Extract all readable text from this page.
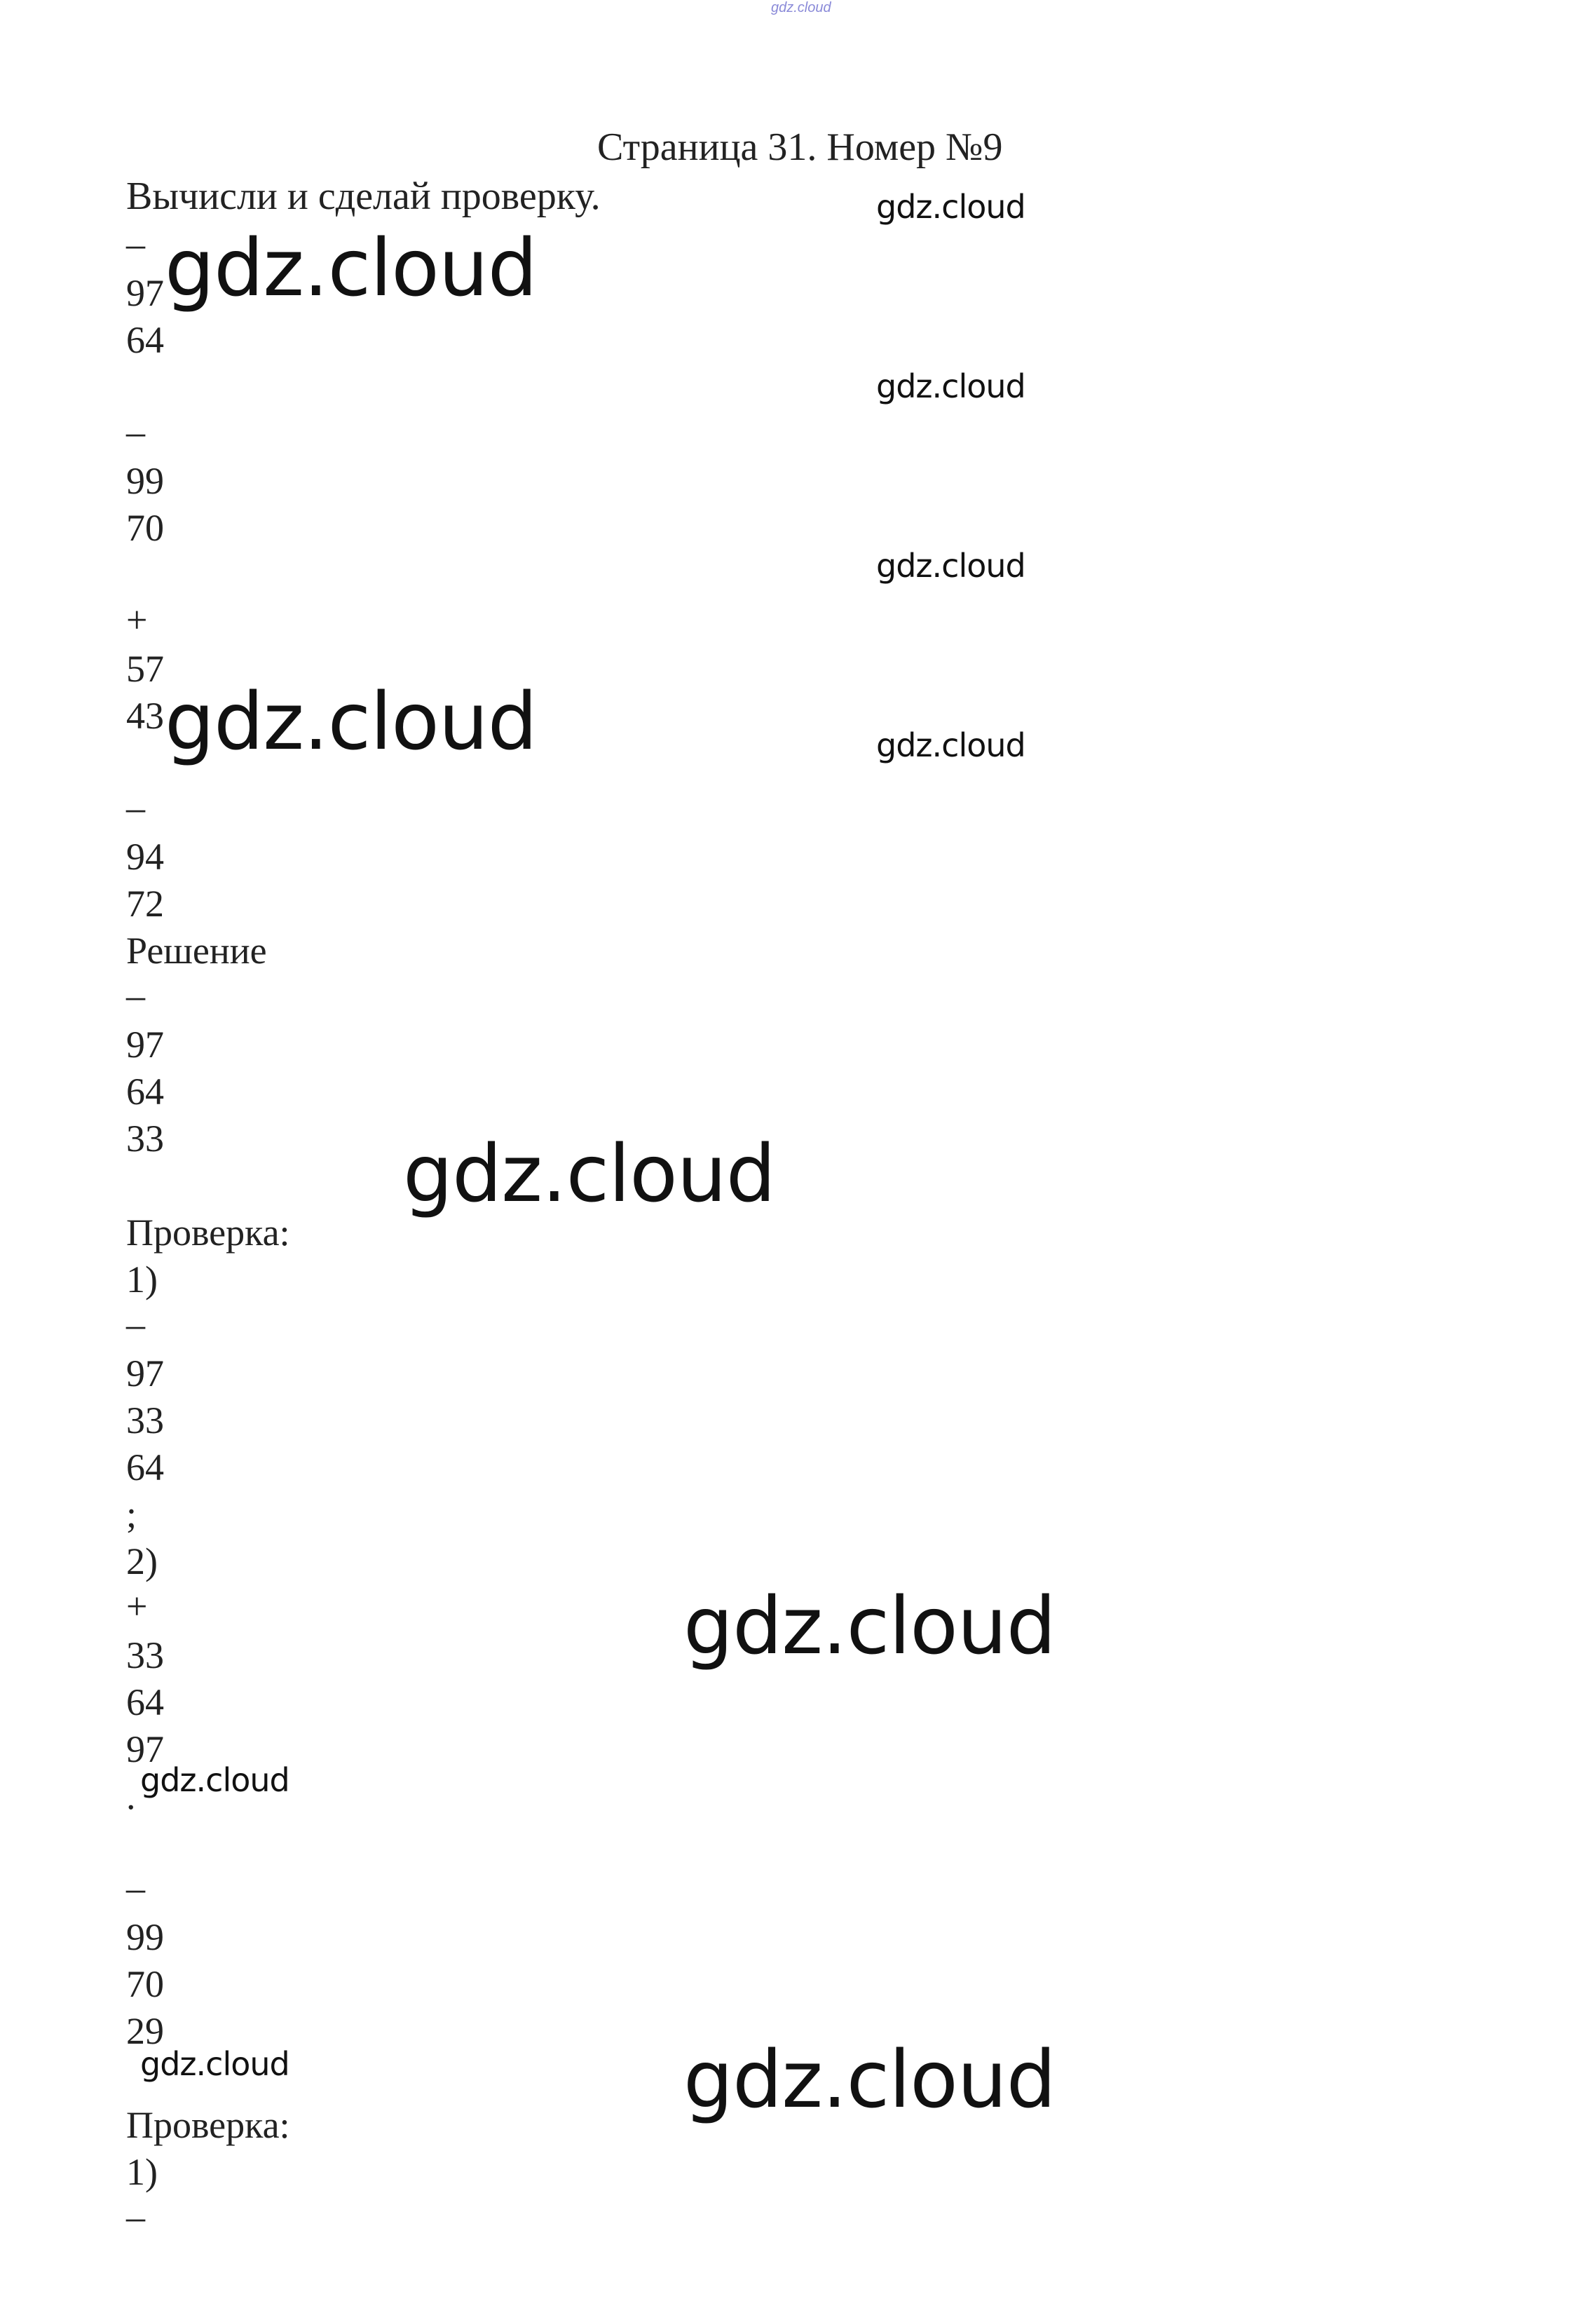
gdz.cloud
Страница 31. Номер №9
Вычисли и сделай проверку.
–
97
64
–
99
70
+
57
43
–
94
72
Решение
–
97
64
33
Проверка:
1)
–
97
33
64
;
2)
+
33
64
97
.
–
99
70
29
Проверка:
1)
–
gdz.cloud
gdz.cloud
gdz.cloud
gdz.cloud
gdz.cloud
gdz.cloud
gdz.cloud
gdz.cloud
gdz.cloud
gdz.cloud
gdz.cloud
